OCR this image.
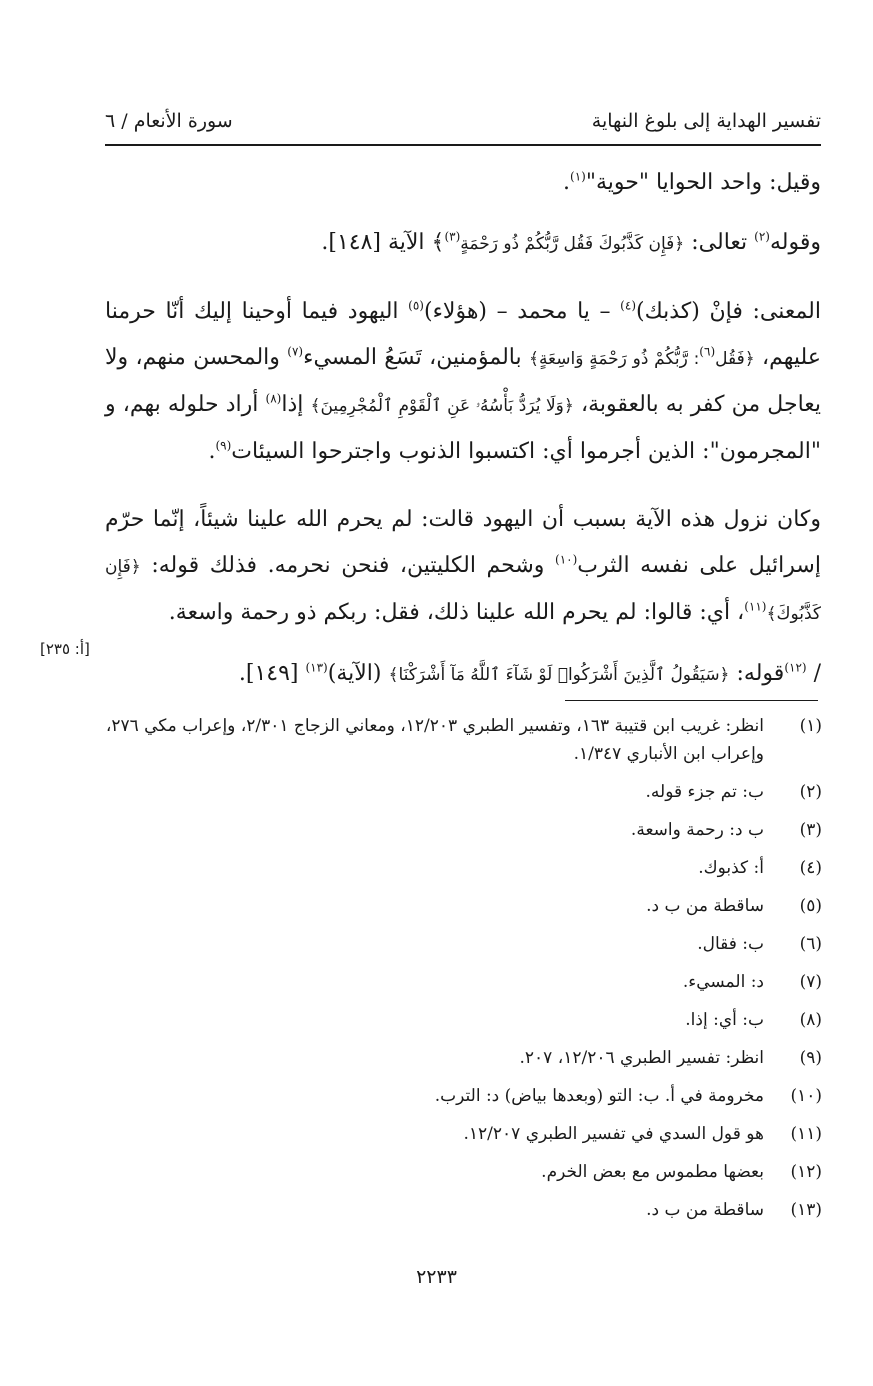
تفسير الهداية إلى بلوغ النهاية
سورة الأنعام / ٦

وقيل: واحد الحوايا "حوية"$^{(١)}$.

وقوله$^{(٢)}$ تعالى: ﴿فَإِن كَذَّبُوكَ فَقُل رَّبُّكُمْ ذُو رَحْمَةٍ$^{(٣)}$﴾ الآية [١٤٨].

المعنى: فإنْ (كذبك)$^{(٤)}$ – يا محمد – (هؤلاء)$^{(٥)}$ اليهود فيما أوحينا إليك أنّا حرمنا عليهم، ﴿فَقُل$^{(٦)}$: رَّبُّكُمْ ذُو رَحْمَةٍ وَاسِعَةٍ﴾ بالمؤمنين، تَسَعُ المسيء$^{(٧)}$ والمحسن منهم، ولا يعاجل من كفر به بالعقوبة، ﴿وَلَا يُرَدُّ بَأْسُهُۥ عَنِ ٱلْقَوْمِ ٱلْمُجْرِمِينَ﴾ إذا$^{(٨)}$ أراد حلوله بهم، و "المجرمون": الذين أجرموا أي: اكتسبوا الذنوب واجترحوا السيئات$^{(٩)}$.

وكان نزول هذه الآية بسبب أن اليهود قالت: لم يحرم الله علينا شيئاً، إنّما حرّم إسرائيل على نفسه الثرب$^{(١٠)}$ وشحم الكليتين، فنحن نحرمه. فذلك قوله: ﴿فَإِن كَذَّبُوكَ﴾$^{(١١)}$، أي: قالوا: لم يحرم الله علينا ذلك، فقل: ربكم ذو رحمة واسعة.

/ $^{(١٢)}$قوله: ﴿سَيَقُولُ ٱلَّذِينَ أَشْرَكُوا۟ لَوْ شَآءَ ٱللَّهُ مَآ أَشْرَكْنَا﴾ (الآية)$^{(١٣)}$ [١٤٩].

[أ: ٢٣٥]
(١)
انظر: غريب ابن قتيبة ١٦٣، وتفسير الطبري ١٢/٢٠٣، ومعاني الزجاج ٢/٣٠١، وإعراب مكي ٢٧٦، وإعراب ابن الأنباري ١/٣٤٧.
(٢)
ب: تم جزء قوله.
(٣)
ب د: رحمة واسعة.
(٤)
أ: كذبوك.
(٥)
ساقطة من ب د.
(٦)
ب: فقال.
(٧)
د: المسيء.
(٨)
ب: أي: إذا.
(٩)
انظر: تفسير الطبري ١٢/٢٠٦، ٢٠٧.
(١٠)
مخرومة في أ. ب: التو (وبعدها بياض) د: الترب.
(١١)
هو قول السدي في تفسير الطبري ١٢/٢٠٧.
(١٢)
بعضها مطموس مع بعض الخرم.
(١٣)
ساقطة من ب د.
٢٢٣٣
